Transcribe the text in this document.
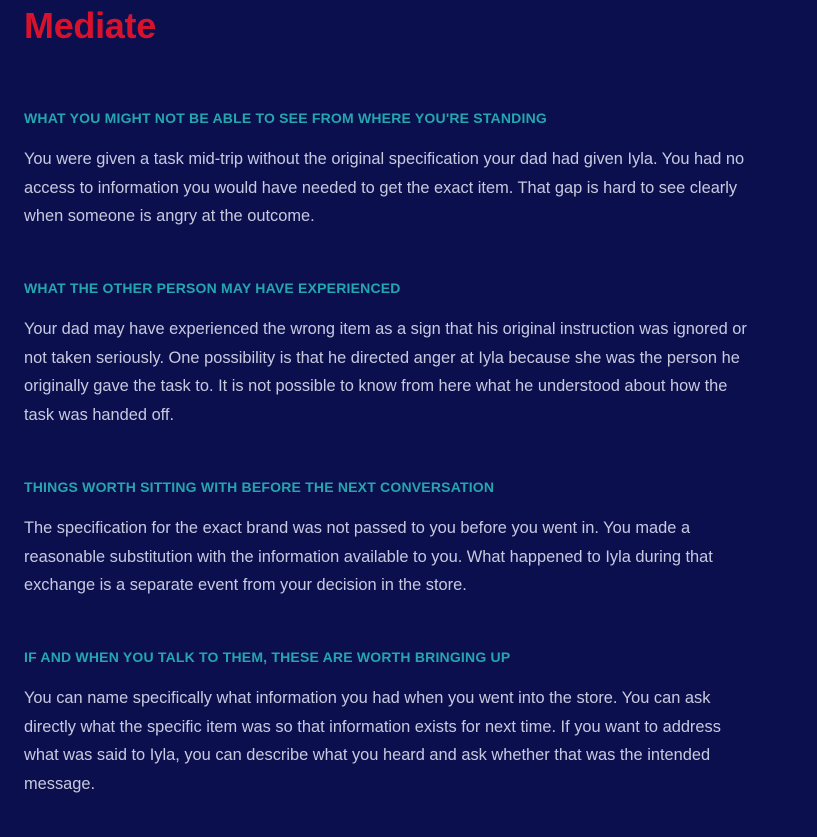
Mediate
WHAT YOU MIGHT NOT BE ABLE TO SEE FROM WHERE YOU'RE STANDING

You were given a task mid-trip without the original specification your dad had given Iyla. You had no access to information you would have needed to get the exact item. That gap is hard to see clearly when someone is angry at the outcome.

WHAT THE OTHER PERSON MAY HAVE EXPERIENCED

Your dad may have experienced the wrong item as a sign that his original instruction was ignored or not taken seriously. One possibility is that he directed anger at Iyla because she was the person he originally gave the task to. It is not possible to know from here what he understood about how the task was handed off.

THINGS WORTH SITTING WITH BEFORE THE NEXT CONVERSATION

The specification for the exact brand was not passed to you before you went in. You made a reasonable substitution with the information available to you. What happened to Iyla during that exchange is a separate event from your decision in the store.

IF AND WHEN YOU TALK TO THEM, THESE ARE WORTH BRINGING UP

You can name specifically what information you had when you went into the store. You can ask directly what the specific item was so that information exists for next time. If you want to address what was said to Iyla, you can describe what you heard and ask whether that was the intended message.
